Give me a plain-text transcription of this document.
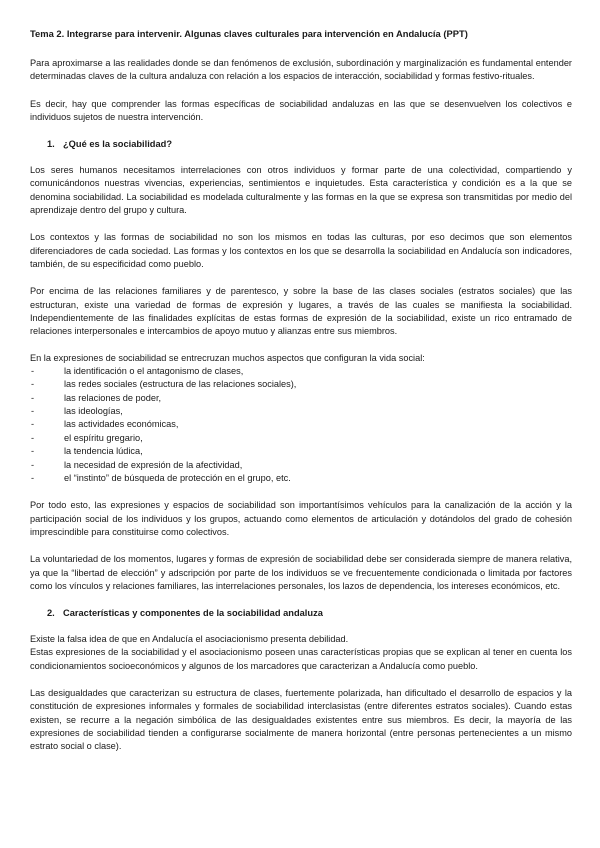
Tema 2. Integrarse para intervenir. Algunas claves culturales para intervención en Andalucía (PPT)

Para aproximarse a las realidades donde se dan fenómenos de exclusión, subordinación y marginalización es fundamental entender determinadas claves de la cultura andaluza con relación a los espacios de interacción, sociabilidad y formas festivo-rituales.

Es decir, hay que comprender las formas específicas de sociabilidad andaluzas en las que se desenvuelven los colectivos e individuos sujetos de nuestra intervención.

1. ¿Qué es la sociabilidad?

Los seres humanos necesitamos interrelaciones con otros individuos y formar parte de una colectividad, compartiendo y comunicándonos nuestras vivencias, experiencias, sentimientos e inquietudes. Esta característica y condición es a la que se denomina sociabilidad. La sociabilidad es modelada culturalmente y las formas en la que se expresa son transmitidas por medio del aprendizaje dentro del grupo y cultura.

Los contextos y las formas de sociabilidad no son los mismos en todas las culturas, por eso decimos que son elementos diferenciadores de cada sociedad. Las formas y los contextos en los que se desarrolla la sociabilidad en Andalucía son indicadores, también, de su especificidad como pueblo.

Por encima de las relaciones familiares y de parentesco, y sobre la base de las clases sociales (estratos sociales) que las estructuran, existe una variedad de formas de expresión y lugares, a través de las cuales se manifiesta la sociabilidad. Independientemente de las finalidades explícitas de estas formas de expresión de la sociabilidad, existe un rico entramado de relaciones interpersonales e intercambios de apoyo mutuo y alianzas entre sus miembros.

En la expresiones de sociabilidad se entrecruzan muchos aspectos que configuran la vida social:

-	la identificación o el antagonismo de clases,
-	las redes sociales (estructura de las relaciones sociales),
-	las relaciones de poder,
-	las ideologías,
-	las actividades económicas,
-	el espíritu gregario,
-	la tendencia lúdica,
-	la necesidad de expresión de la afectividad,
-	el “instinto” de búsqueda de protección en el grupo, etc.

Por todo esto, las expresiones y espacios de sociabilidad son importantísimos vehículos para la canalización de la acción y la participación social de los individuos y los grupos, actuando como elementos de articulación y dotándolos del grado de cohesión imprescindible para constituirse como colectivos.

La voluntariedad de los momentos, lugares y formas de expresión de sociabilidad debe ser considerada siempre de manera relativa, ya que la “libertad de elección” y adscripción por parte de los individuos se ve frecuentemente condicionada o limitada por factores como los vínculos y relaciones familiares, las interrelaciones personales, los lazos de dependencia, los intereses económicos, etc.

2. Características y componentes de la sociabilidad andaluza

Existe la falsa idea de que en Andalucía el asociacionismo presenta debilidad.

Estas expresiones de la sociabilidad y el asociacionismo poseen unas características propias que se explican al tener en cuenta los condicionamientos socioeconómicos y algunos de los marcadores que caracterizan a Andalucía como pueblo.

Las desigualdades que caracterizan su estructura de clases, fuertemente polarizada, han dificultado el desarrollo de espacios y la constitución de expresiones informales y formales de sociabilidad interclasistas (entre diferentes estratos sociales). Cuando estas existen, se recurre a la negación simbólica de las desigualdades existentes entre sus miembros. Es decir, la mayoría de las expresiones de sociabilidad tienden a configurarse socialmente de manera horizontal (entre personas pertenecientes a un mismo estrato social o clase).
